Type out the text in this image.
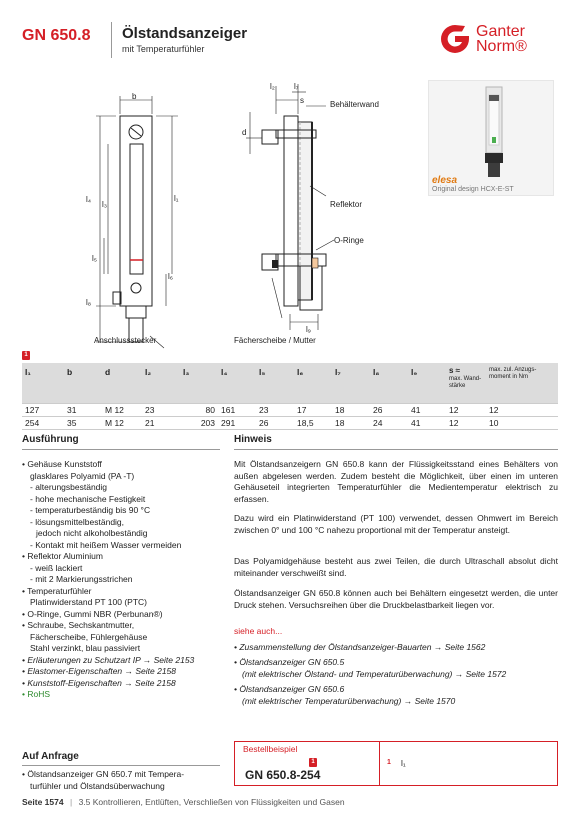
GN 650.8 Ölstandsanzeiger
mit Temperaturfühler
Ganter
Norm®
elesa
Original design HCX-E-ST
b
l₄
l₃
l₅
l₁
l₆
l₈
l₂ l₇
s
d
l₉
Behälterwand
Reflektor
O-Ringe
Anschlussstecker	Fächerscheibe / Mutter
1
l₁	b	d	l₂	l₃	l₄	l₅	l₆	l₇	l₈	l₉	s ≈
max. Wand-stärke	max. zul. Anzugs-moment in Nm
127	31	M 12	23	80	161	23	17	18	26	41	12	12
254	35	M 12	21	203	291	26	18,5	18	24	41	12	10
Ausführung
• Gehäuse Kunststoff
glasklares Polyamid (PA -T)
- alterungsbeständig
- hohe mechanische Festigkeit
- temperaturbeständig bis 90 °C
- lösungsmittelbeständig,
jedoch nicht alkoholbeständig
- Kontakt mit heißem Wasser vermeiden
• Reflektor Aluminium
- weiß lackiert
- mit 2 Markierungsstrichen
• Temperaturfühler
Platinwiderstand PT 100 (PTC)
• O-Ringe, Gummi NBR (Perbunan®)
• Schraube, Sechskantmutter,
Fächerscheibe, Fühlergehäuse
Stahl verzinkt, blau passiviert
• Erläuterungen zu Schutzart IP → Seite 2153
• Elastomer-Eigenschaften → Seite 2158
• Kunststoff-Eigenschaften → Seite 2158
• RoHS
Auf Anfrage
• Ölstandsanzeiger GN 650.7 mit Tempera-
turfühler und Ölstandsüberwachung
Hinweis

Mit Ölstandsanzeigern GN 650.8 kann der Flüssigkeitsstand eines Behälters von außen abgelesen werden. Zudem besteht die Möglichkeit, über einen im unteren Gehäuseteil integrierten Temperaturfühler die Medientemperatur elektrisch zu erfassen.

Dazu wird ein Platinwiderstand (PT 100) verwendet, dessen Ohmwert im Bereich zwischen 0° und 100 °C nahezu proportional mit der Temperatur ansteigt.

Das Polyamidgehäuse besteht aus zwei Teilen, die durch Ultraschall absolut dicht miteinander verschweißt sind.

Ölstandsanzeiger GN 650.8 können auch bei Behältern eingesetzt werden, die unter Druck stehen. Versuchsreihen über die Druckbelastbarkeit liegen vor.

siehe auch...
• Zusammenstellung der Ölstandsanzeiger-Bauarten → Seite 1562
• Ölstandsanzeiger GN 650.5
(mit elektrischer Ölstand- und Temperaturüberwachung) → Seite 1572
• Ölstandsanzeiger GN 650.6
(mit elektrischer Temperaturüberwachung) → Seite 1570
Bestellbeispiel
1
GN 650.8-254
1 l₁
Seite 1574 | 3.5 Kontrollieren, Entlüften, Verschließen von Flüssigkeiten und Gasen
